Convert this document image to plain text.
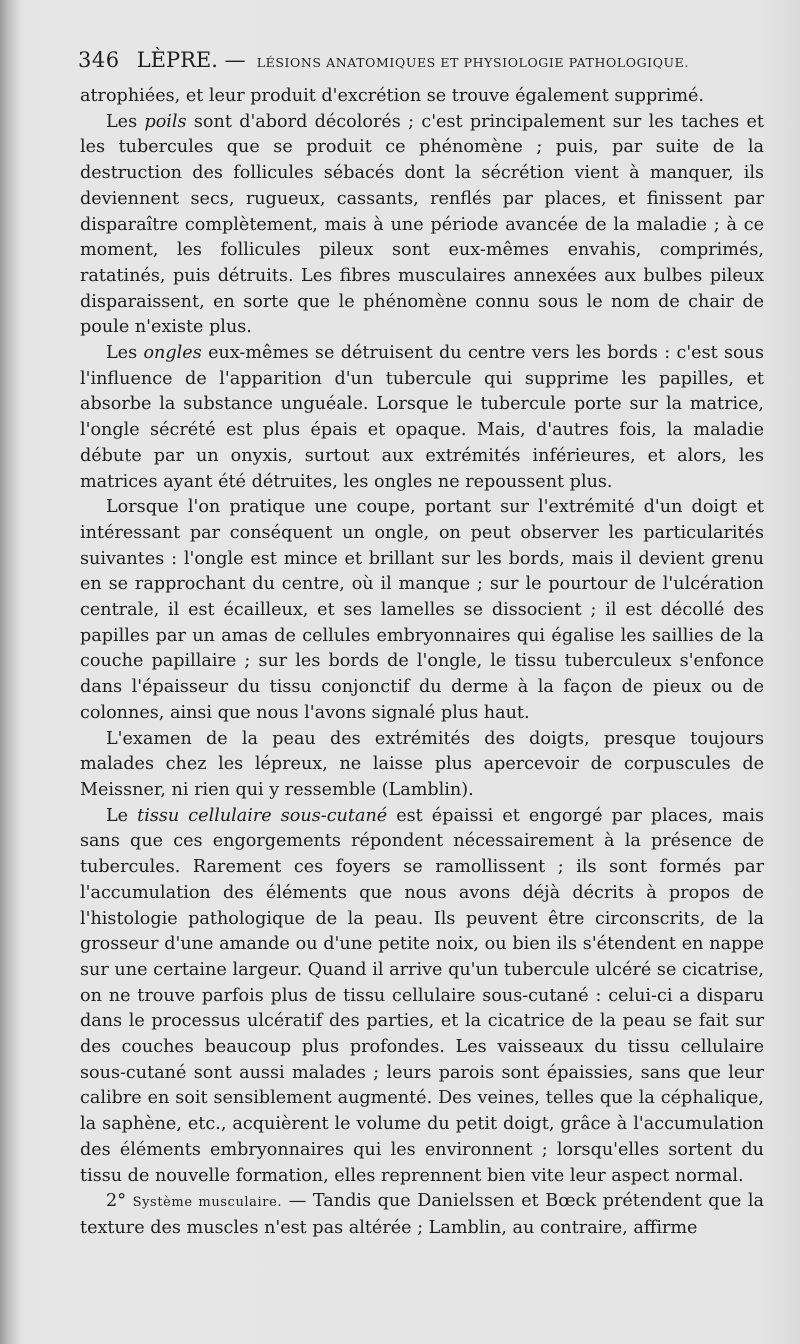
346 LÈPRE. — LÉSIONS ANATOMIQUES ET PHYSIOLOGIE PATHOLOGIQUE.

atrophiées, et leur produit d'excrétion se trouve également supprimé.

Les poils sont d'abord décolorés ; c'est principalement sur les taches et les tubercules que se produit ce phénomène ; puis, par suite de la destruction des follicules sébacés dont la sécrétion vient à manquer, ils deviennent secs, rugueux, cassants, renflés par places, et finissent par disparaître complètement, mais à une période avancée de la maladie ; à ce moment, les follicules pileux sont eux-mêmes envahis, comprimés, ratatinés, puis détruits. Les fibres musculaires annexées aux bulbes pileux disparaissent, en sorte que le phénomène connu sous le nom de chair de poule n'existe plus.

Les ongles eux-mêmes se détruisent du centre vers les bords : c'est sous l'influence de l'apparition d'un tubercule qui supprime les papilles, et absorbe la substance unguéale. Lorsque le tubercule porte sur la matrice, l'ongle sécrété est plus épais et opaque. Mais, d'autres fois, la maladie débute par un onyxis, surtout aux extrémités inférieures, et alors, les matrices ayant été détruites, les ongles ne repoussent plus.

Lorsque l'on pratique une coupe, portant sur l'extrémité d'un doigt et intéressant par conséquent un ongle, on peut observer les particularités suivantes : l'ongle est mince et brillant sur les bords, mais il devient grenu en se rapprochant du centre, où il manque ; sur le pourtour de l'ulcération centrale, il est écailleux, et ses lamelles se dissocient ; il est décollé des papilles par un amas de cellules embryonnaires qui égalise les saillies de la couche papillaire ; sur les bords de l'ongle, le tissu tuberculeux s'enfonce dans l'épaisseur du tissu conjonctif du derme à la façon de pieux ou de colonnes, ainsi que nous l'avons signalé plus haut.

L'examen de la peau des extrémités des doigts, presque toujours malades chez les lépreux, ne laisse plus apercevoir de corpuscules de Meissner, ni rien qui y ressemble (Lamblin).

Le tissu cellulaire sous-cutané est épaissi et engorgé par places, mais sans que ces engorgements répondent nécessairement à la présence de tubercules. Rarement ces foyers se ramollissent ; ils sont formés par l'accumulation des éléments que nous avons déjà décrits à propos de l'histologie pathologique de la peau. Ils peuvent être circonscrits, de la grosseur d'une amande ou d'une petite noix, ou bien ils s'étendent en nappe sur une certaine largeur. Quand il arrive qu'un tubercule ulcéré se cicatrise, on ne trouve parfois plus de tissu cellulaire sous-cutané : celui-ci a disparu dans le processus ulcératif des parties, et la cicatrice de la peau se fait sur des couches beaucoup plus profondes. Les vaisseaux du tissu cellulaire sous-cutané sont aussi malades ; leurs parois sont épaissies, sans que leur calibre en soit sensiblement augmenté. Des veines, telles que la céphalique, la saphène, etc., acquièrent le volume du petit doigt, grâce à l'accumulation des éléments embryonnaires qui les environnent ; lorsqu'elles sortent du tissu de nouvelle formation, elles reprennent bien vite leur aspect normal.

2° Système musculaire. — Tandis que Danielssen et Bœck prétendent que la texture des muscles n'est pas altérée ; Lamblin, au contraire, affirme
